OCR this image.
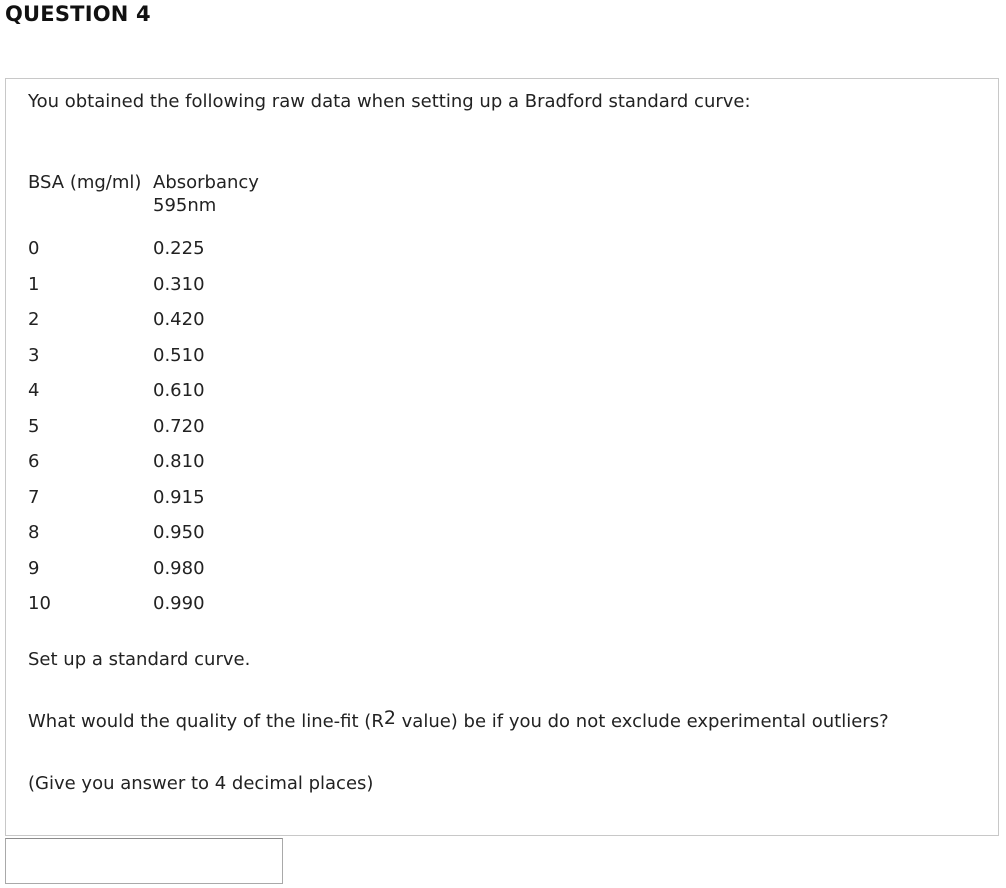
QUESTION 4
You obtained the following raw data when setting up a Bradford standard curve:
BSA (mg/ml)	Absorbancy
595nm
0	0.225
1	0.310
2	0.420
3	0.510
4	0.610
5	0.720
6	0.810
7	0.915
8	0.950
9	0.980
10	0.990
Set up a standard curve.
What would the quality of the line-fit ($R^2$ value) be if you do not exclude experimental outliers?
(Give you answer to 4 decimal places)
